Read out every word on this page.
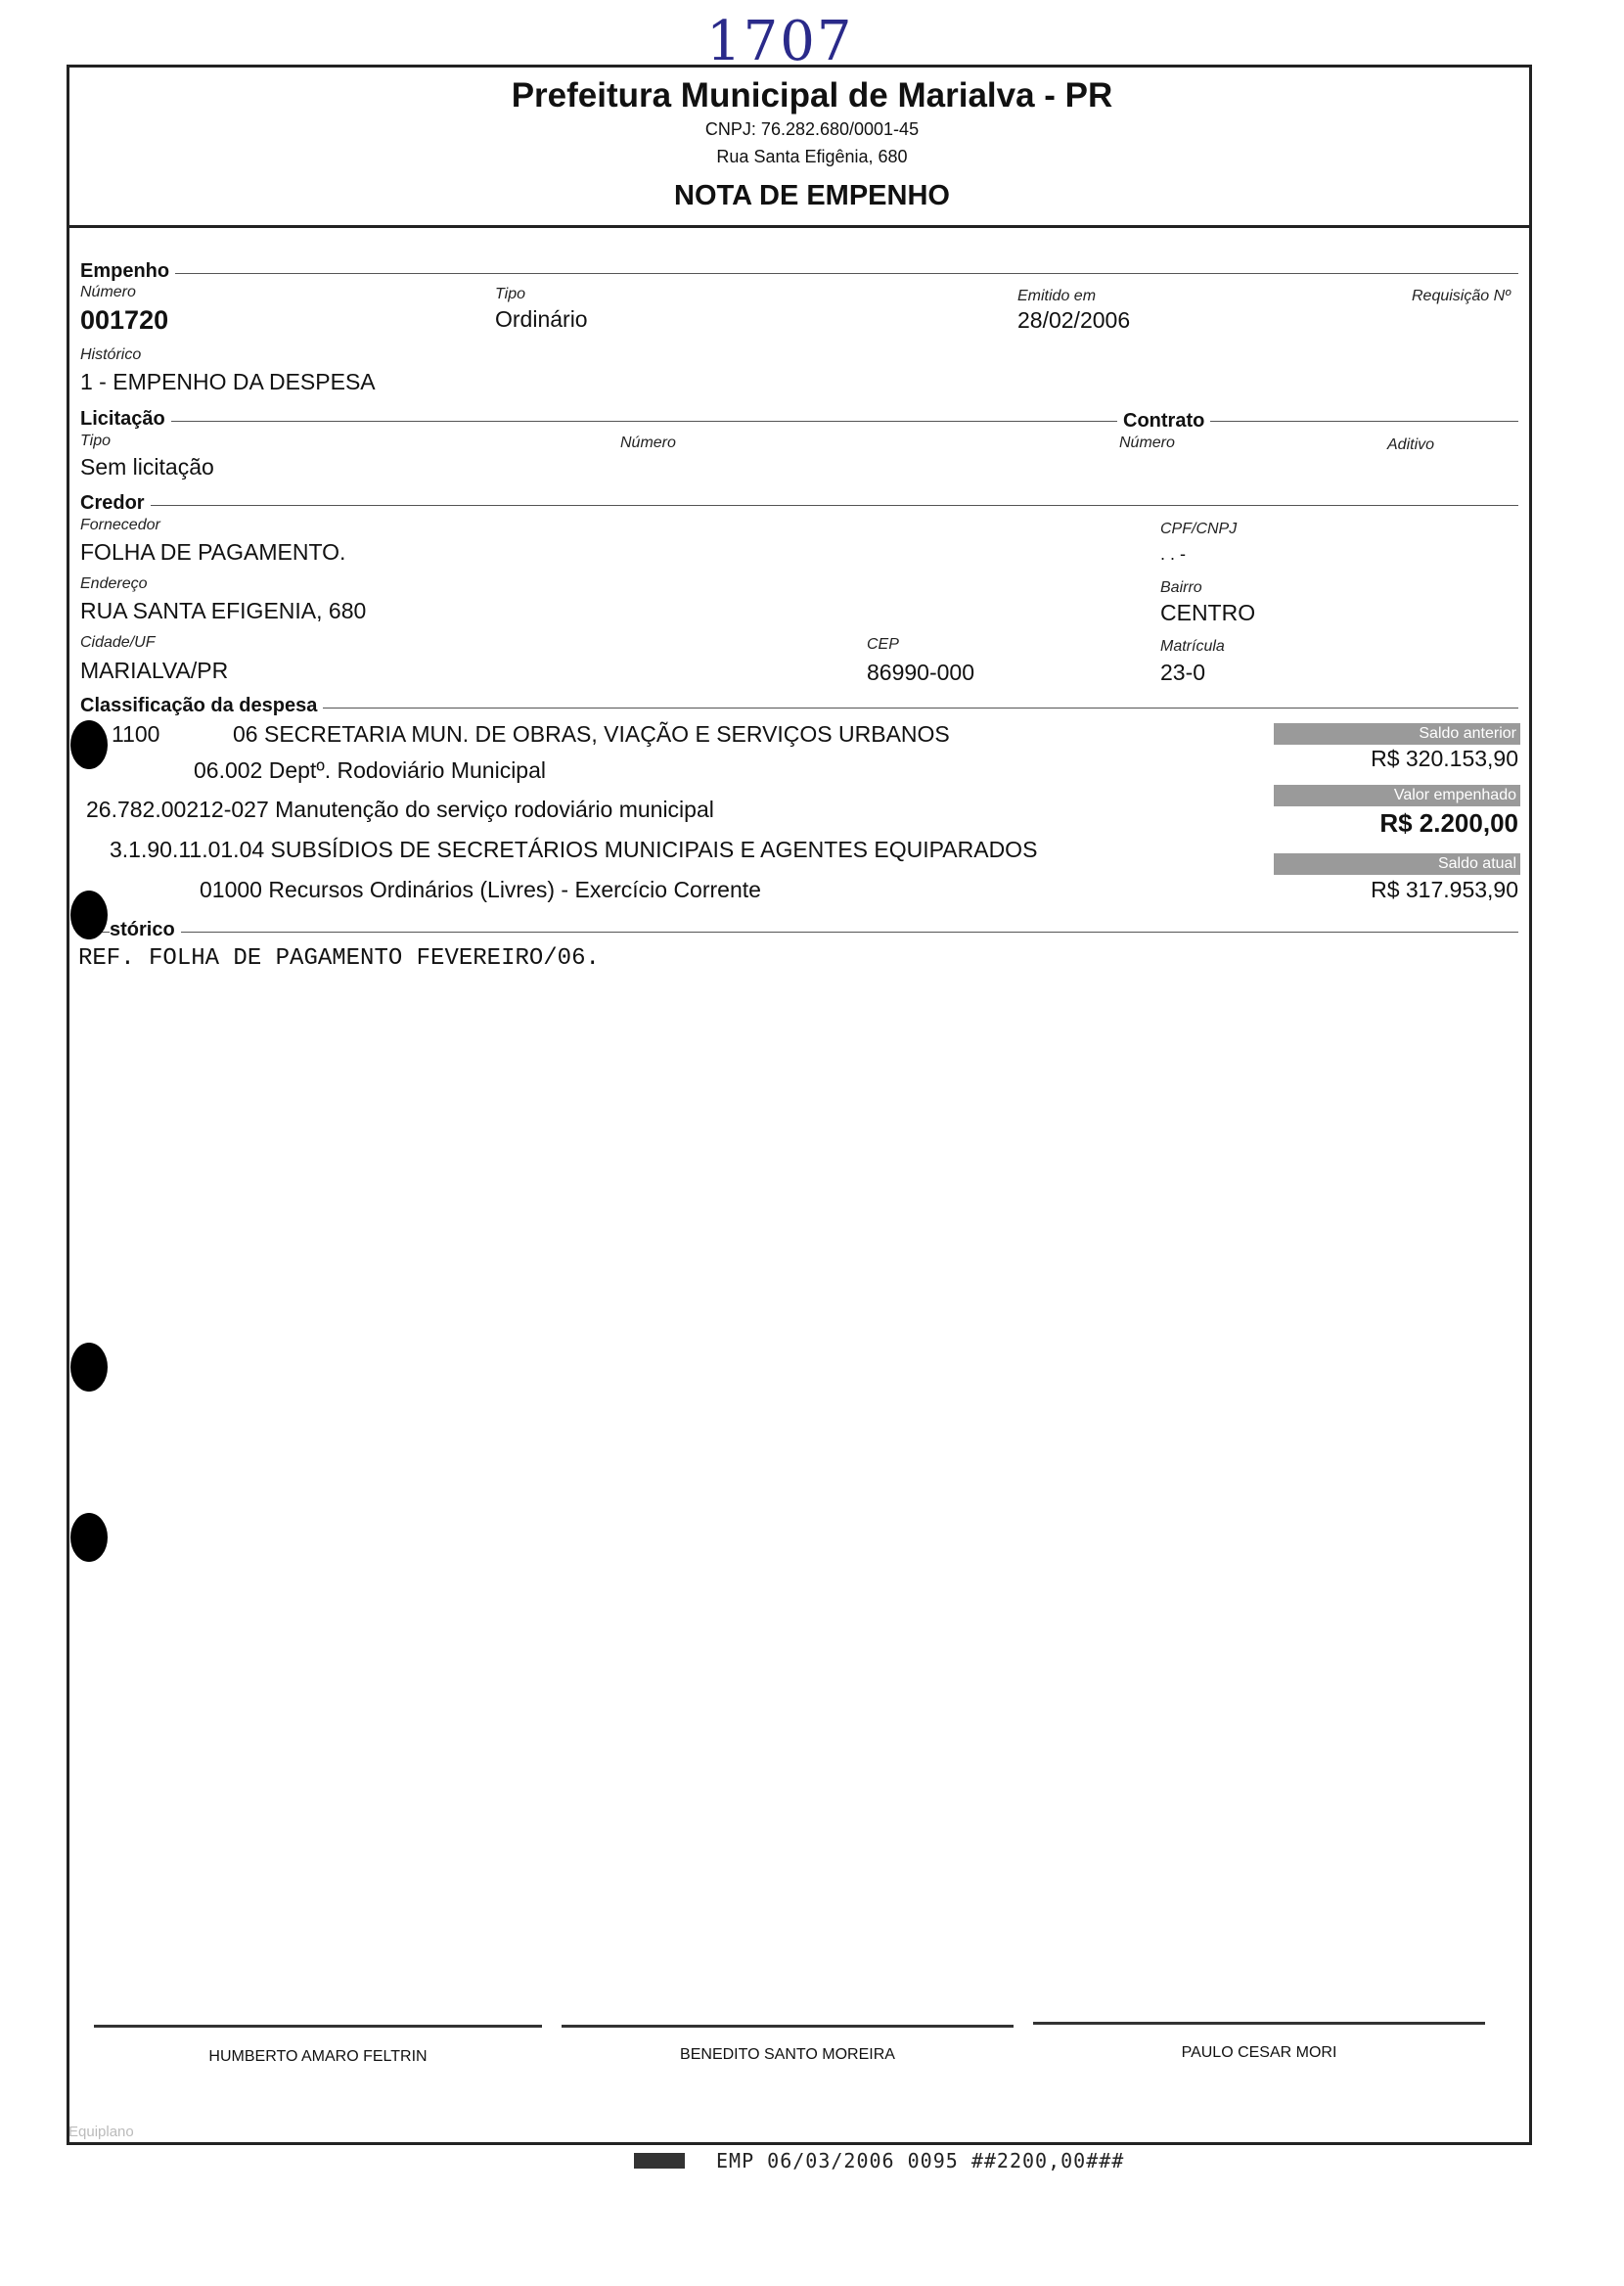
1707
Prefeitura Municipal de Marialva - PR
CNPJ: 76.282.680/0001-45
Rua Santa Efigênia, 680
NOTA DE EMPENHO
Empenho
Número
001720
Tipo
Ordinário
Emitido em
28/02/2006
Requisição Nº
Histórico
1 - EMPENHO DA DESPESA
Licitação	Contrato
Tipo
Sem licitação
Número	Número	Aditivo
Credor
Fornecedor
FOLHA DE PAGAMENTO.
CPF/CNPJ
. . -
Endereço
RUA SANTA EFIGENIA, 680
Bairro
CENTRO
Cidade/UF
MARIALVA/PR
CEP
86990-000
Matrícula
23-0
Classificação da despesa
1100	06 SECRETARIA MUN. DE OBRAS, VIAÇÃO E SERVIÇOS URBANOS
06.002 Deptº. Rodoviário Municipal
26.782.00212-027 Manutenção do serviço rodoviário municipal
3.1.90.11.01.04 SUBSÍDIOS DE SECRETÁRIOS MUNICIPAIS E AGENTES EQUIPARADOS
01000 Recursos Ordinários (Livres) - Exercício Corrente
Saldo anterior
R$ 320.153,90
Valor empenhado
R$ 2.200,00
Saldo atual
R$ 317.953,90
stórico
REF. FOLHA DE PAGAMENTO FEVEREIRO/06.
HUMBERTO AMARO FELTRIN	BENEDITO SANTO MOREIRA	PAULO CESAR MORI
Equiplano
EMP 06/03/2006 0095 ##2200,00###
